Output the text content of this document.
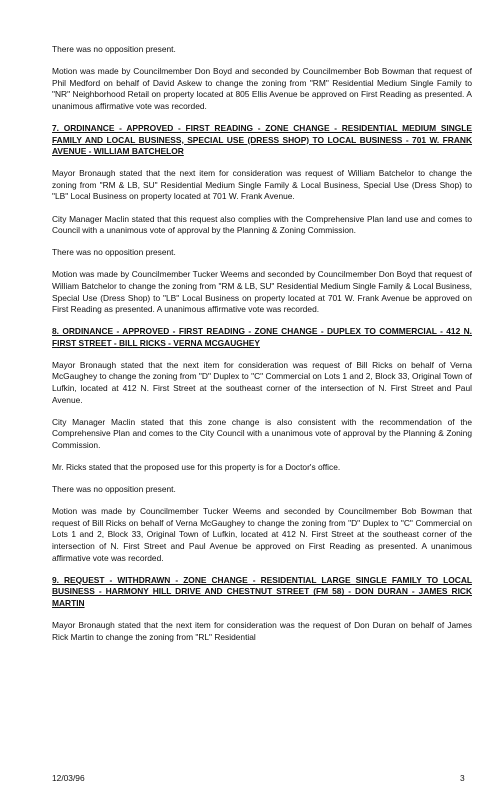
There was no opposition present.

Motion was made by Councilmember Don Boyd and seconded by Councilmember Bob Bowman that request of Phil Medford on behalf of David Askew to change the zoning from "RM" Residential Medium Single Family to "NR" Neighborhood Retail on property located at 805 Ellis Avenue be approved on First Reading as presented. A unanimous affirmative vote was recorded.

7. ORDINANCE - APPROVED - FIRST READING - ZONE CHANGE - RESIDENTIAL MEDIUM SINGLE FAMILY AND LOCAL BUSINESS, SPECIAL USE (DRESS SHOP) TO LOCAL BUSINESS - 701 W. FRANK AVENUE - WILLIAM BATCHELOR

Mayor Bronaugh stated that the next item for consideration was request of William Batchelor to change the zoning from "RM & LB, SU" Residential Medium Single Family & Local Business, Special Use (Dress Shop) to "LB" Local Business on property located at 701 W. Frank Avenue.

City Manager Maclin stated that this request also complies with the Comprehensive Plan land use and comes to Council with a unanimous vote of approval by the Planning & Zoning Commission.

There was no opposition present.

Motion was made by Councilmember Tucker Weems and seconded by Councilmember Don Boyd that request of William Batchelor to change the zoning from "RM & LB, SU" Residential Medium Single Family & Local Business, Special Use (Dress Shop) to "LB" Local Business on property located at 701 W. Frank Avenue be approved on First Reading as presented. A unanimous affirmative vote was recorded.

8. ORDINANCE - APPROVED - FIRST READING - ZONE CHANGE - DUPLEX TO COMMERCIAL - 412 N. FIRST STREET - BILL RICKS - VERNA MCGAUGHEY

Mayor Bronaugh stated that the next item for consideration was request of Bill Ricks on behalf of Verna McGaughey to change the zoning from "D" Duplex to "C" Commercial on Lots 1 and 2, Block 33, Original Town of Lufkin, located at 412 N. First Street at the southeast corner of the intersection of N. First Street and Paul Avenue.

City Manager Maclin stated that this zone change is also consistent with the recommendation of the Comprehensive Plan and comes to the City Council with a unanimous vote of approval by the Planning & Zoning Commission.

Mr. Ricks stated that the proposed use for this property is for a Doctor's office.

There was no opposition present.

Motion was made by Councilmember Tucker Weems and seconded by Councilmember Bob Bowman that request of Bill Ricks on behalf of Verna McGaughey to change the zoning from "D" Duplex to "C" Commercial on Lots 1 and 2, Block 33, Original Town of Lufkin, located at 412 N. First Street at the southeast corner of the intersection of N. First Street and Paul Avenue be approved on First Reading as presented. A unanimous affirmative vote was recorded.

9. REQUEST - WITHDRAWN - ZONE CHANGE - RESIDENTIAL LARGE SINGLE FAMILY TO LOCAL BUSINESS - HARMONY HILL DRIVE AND CHESTNUT STREET (FM 58) - DON DURAN - JAMES RICK MARTIN

Mayor Bronaugh stated that the next item for consideration was the request of Don Duran on behalf of James Rick Martin to change the zoning from "RL" Residential

12/03/96	3
